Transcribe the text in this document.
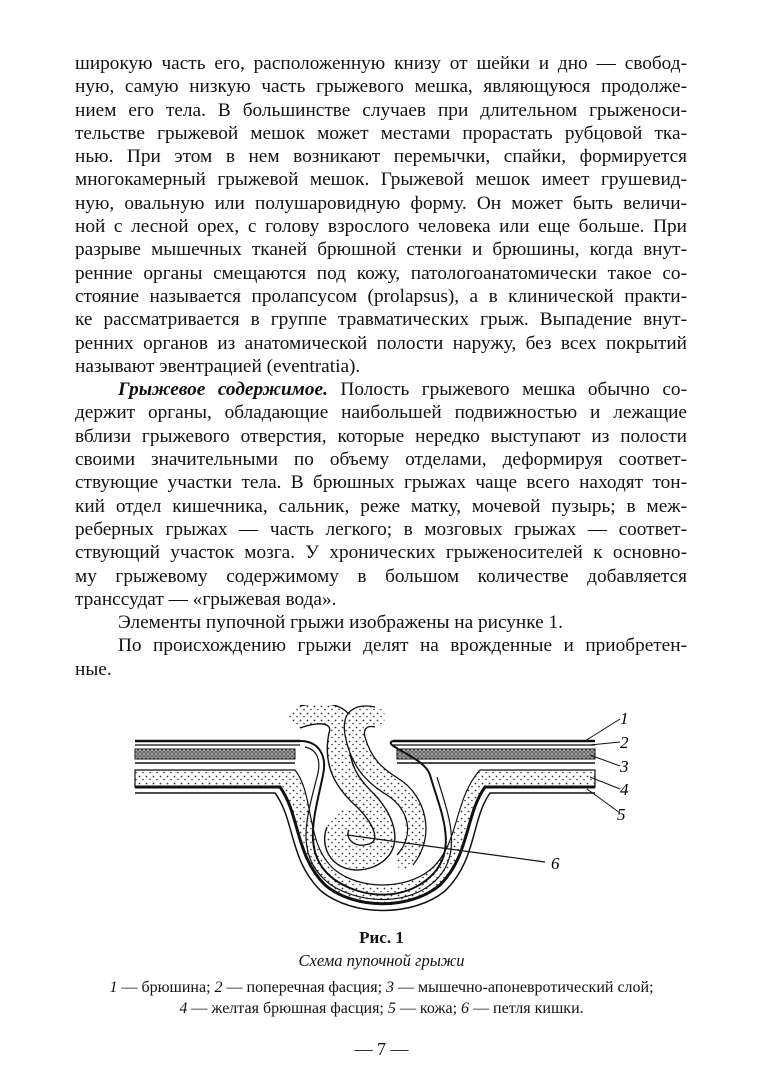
широкую часть его, расположенную книзу от шейки и дно — свобод-

ную, самую низкую часть грыжевого мешка, являющуюся продолже-

нием его тела. В большинстве случаев при длительном грыженоси-

тельстве грыжевой мешок может местами прорастать рубцовой тка-

нью. При этом в нем возникают перемычки, спайки, формируется

многокамерный грыжевой мешок. Грыжевой мешок имеет грушевид-

ную, овальную или полушаровидную форму. Он может быть величи-

ной с лесной орех, с голову взрослого человека или еще больше. При

разрыве мышечных тканей брюшной стенки и брюшины, когда внут-

ренние органы смещаются под кожу, патологоанатомически такое со-

стояние называется пролапсусом (prolapsus), а в клинической практи-

ке рассматривается в группе травматических грыж. Выпадение внут-

ренних органов из анатомической полости наружу, без всех покрытий

называют эвентрацией (eventratia).

Грыжевое содержимое. Полость грыжевого мешка обычно со-

держит органы, обладающие наибольшей подвижностью и лежащие

вблизи грыжевого отверстия, которые нередко выступают из полости

своими значительными по объему отделами, деформируя соответ-

ствующие участки тела. В брюшных грыжах чаще всего находят тон-

кий отдел кишечника, сальник, реже матку, мочевой пузырь; в меж-

реберных грыжах — часть легкого; в мозговых грыжах — соответ-

ствующий участок мозга. У хронических грыженосителей к основно-

му грыжевому содержимому в большом количестве добавляется

транссудат — «грыжевая вода».

Элементы пупочной грыжи изображены на рисунке 1.

По происхождению грыжи делят на врожденные и приобретен-

ные.

1
2
3
4
5
6
Рис. 1
Схема пупочной грыжи
1 — брюшина; 2 — поперечная фасция; 3 — мышечно-апоневротический слой;
4 — желтая брюшная фасция; 5 — кожа; 6 — петля кишки.
— 7 —
